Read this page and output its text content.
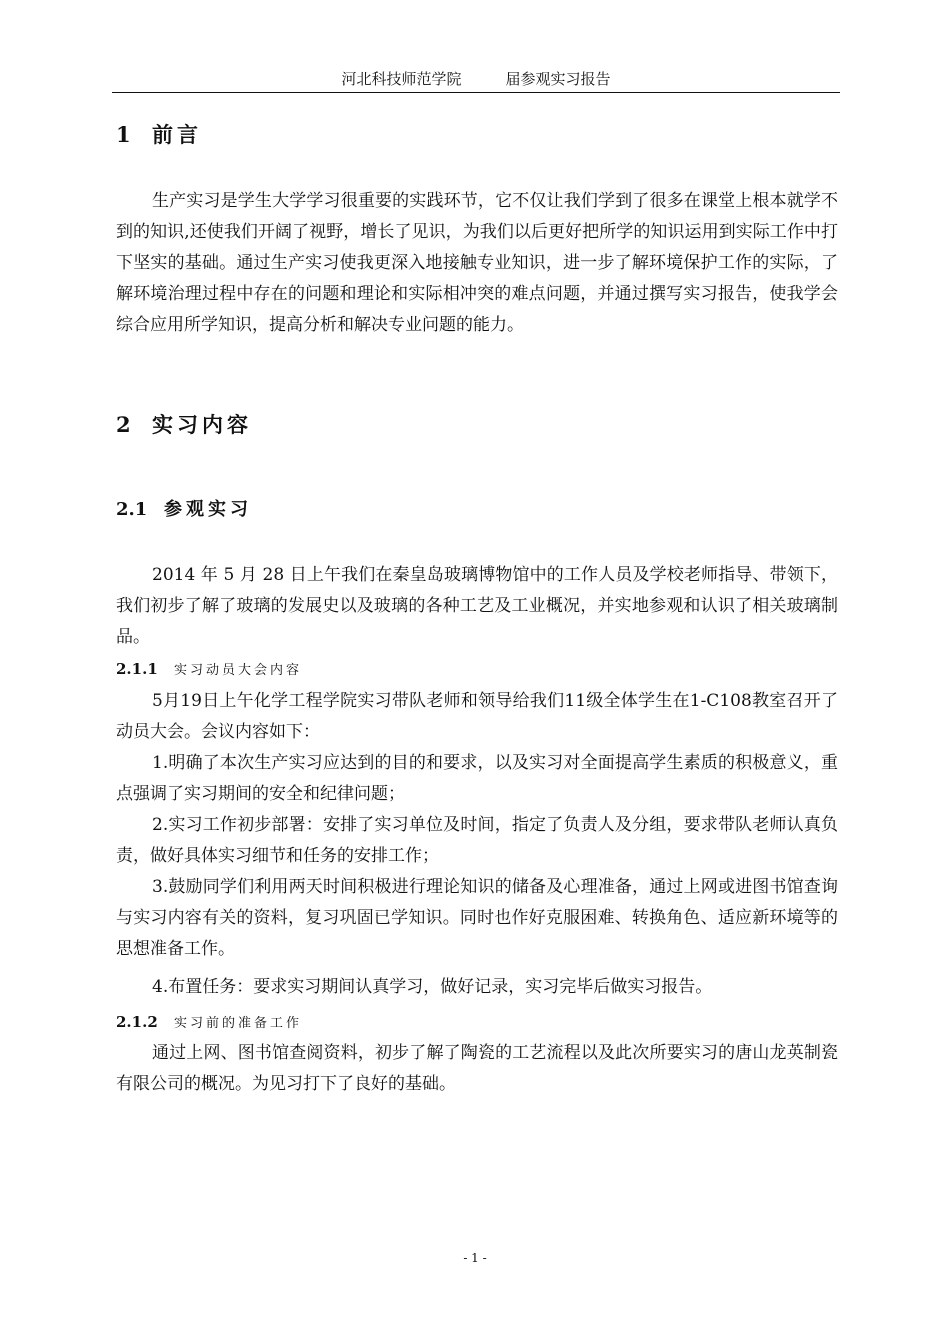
河北科技师范学院	届参观实习报告
1 前言

生产实习是学生大学学习很重要的实践环节，它不仅让我们学到了很多在课堂上根本就学不到的知识,还使我们开阔了视野，增长了见识，为我们以后更好把所学的知识运用到实际工作中打下坚实的基础。通过生产实习使我更深入地接触专业知识，进一步了解环境保护工作的实际，了解环境治理过程中存在的问题和理论和实际相冲突的难点问题，并通过撰写实习报告，使我学会综合应用所学知识，提高分析和解决专业问题的能力。

2 实习内容
2.1 参观实习

2014 年 5 月 28 日上午我们在秦皇岛玻璃博物馆中的工作人员及学校老师指导、带领下，我们初步了解了玻璃的发展史以及玻璃的各种工艺及工业概况，并实地参观和认识了相关玻璃制品。

2.1.1 实习动员大会内容

5月19日上午化学工程学院实习带队老师和领导给我们11级全体学生在1-C108教室召开了动员大会。会议内容如下：

1.明确了本次生产实习应达到的目的和要求，以及实习对全面提高学生素质的积极意义，重点强调了实习期间的安全和纪律问题；

2.实习工作初步部署：安排了实习单位及时间，指定了负责人及分组，要求带队老师认真负责，做好具体实习细节和任务的安排工作；

3.鼓励同学们利用两天时间积极进行理论知识的储备及心理准备，通过上网或进图书馆查询与实习内容有关的资料，复习巩固已学知识。同时也作好克服困难、转换角色、适应新环境等的思想准备工作。

4.布置任务：要求实习期间认真学习，做好记录，实习完毕后做实习报告。

2.1.2 实习前的准备工作

通过上网、图书馆查阅资料，初步了解了陶瓷的工艺流程以及此次所要实习的唐山龙英制瓷有限公司的概况。为见习打下了良好的基础。

- 1 -
